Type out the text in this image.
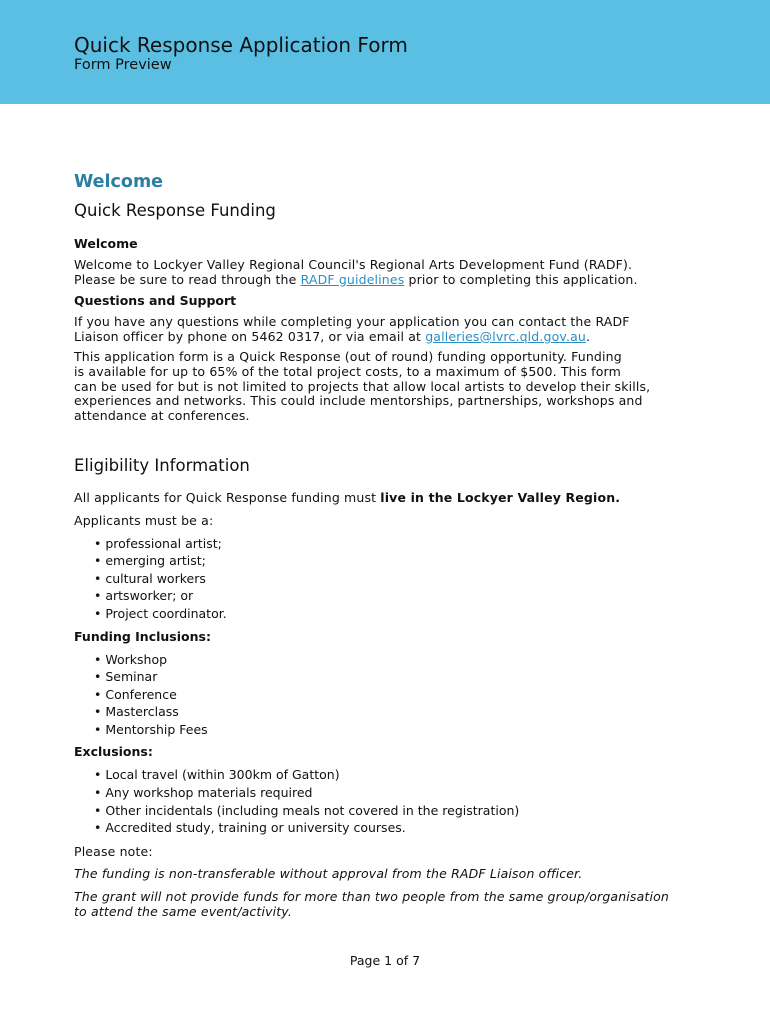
Quick Response Application Form
Form Preview
Welcome
Quick Response Funding
Welcome

Welcome to Lockyer Valley Regional Council's Regional Arts Development Fund (RADF).
Please be sure to read through the RADF guidelines prior to completing this application.

Questions and Support

If you have any questions while completing your application you can contact the RADF
Liaison officer by phone on 5462 0317, or via email at galleries@lvrc.qld.gov.au.

This application form is a Quick Response (out of round) funding opportunity. Funding
is available for up to 65% of the total project costs, to a maximum of $500. This form
can be used for but is not limited to projects that allow local artists to develop their skills,
experiences and networks. This could include mentorships, partnerships, workshops and
attendance at conferences.

Eligibility Information

All applicants for Quick Response funding must live in the Lockyer Valley Region.

Applicants must be a:

• professional artist;
• emerging artist;
• cultural workers
• artsworker; or
• Project coordinator.
Funding Inclusions:
• Workshop
• Seminar
• Conference
• Masterclass
• Mentorship Fees
Exclusions:
• Local travel (within 300km of Gatton)
• Any workshop materials required
• Other incidentals (including meals not covered in the registration)
• Accredited study, training or university courses.

Please note:

The funding is non-transferable without approval from the RADF Liaison officer.

The grant will not provide funds for more than two people from the same group/organisation
to attend the same event/activity.

Page 1 of 7
